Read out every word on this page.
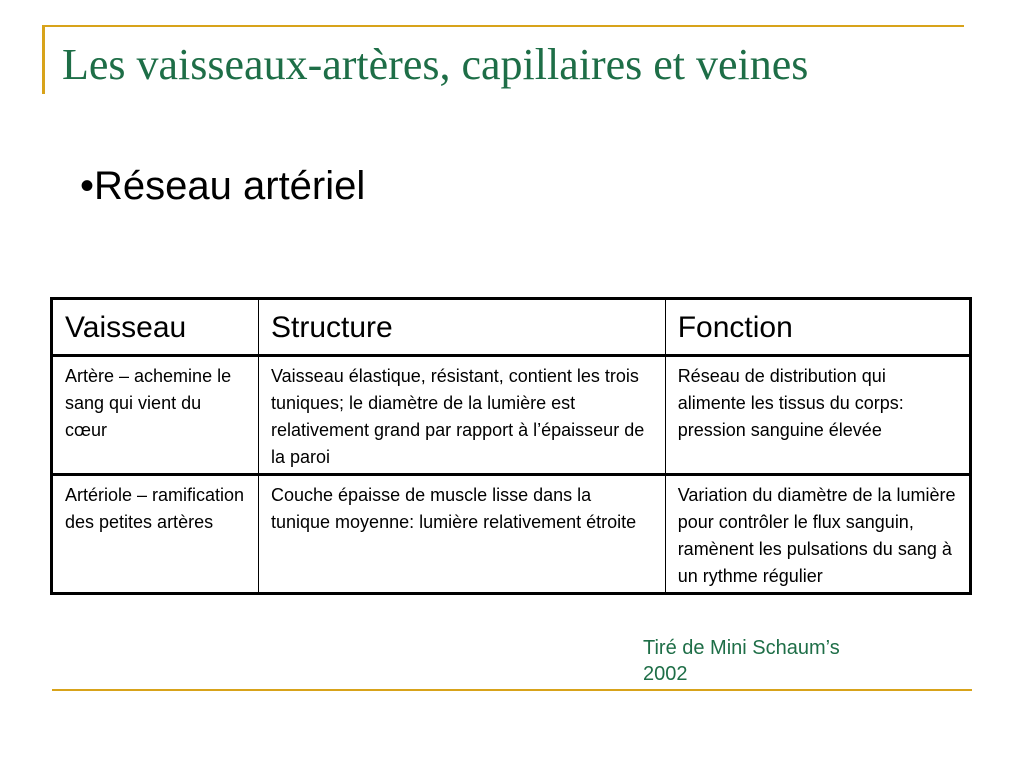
Les vaisseaux-artères, capillaires et veines
•Réseau artériel
Vaisseau	Structure	Fonction
Artère – achemine le sang qui vient du cœur	Vaisseau élastique, résistant, contient les trois tuniques; le diamètre de la lumière est relativement grand par rapport à l’épaisseur de la paroi	Réseau de distribution qui alimente les tissus du corps: pression sanguine élevée
Artériole – ramification des petites artères	Couche épaisse de muscle lisse dans la tunique moyenne: lumière relativement étroite	Variation du diamètre de la lumière pour contrôler le flux sanguin, ramènent les pulsations du sang à un rythme régulier
Tiré de Mini Schaum’s
2002
